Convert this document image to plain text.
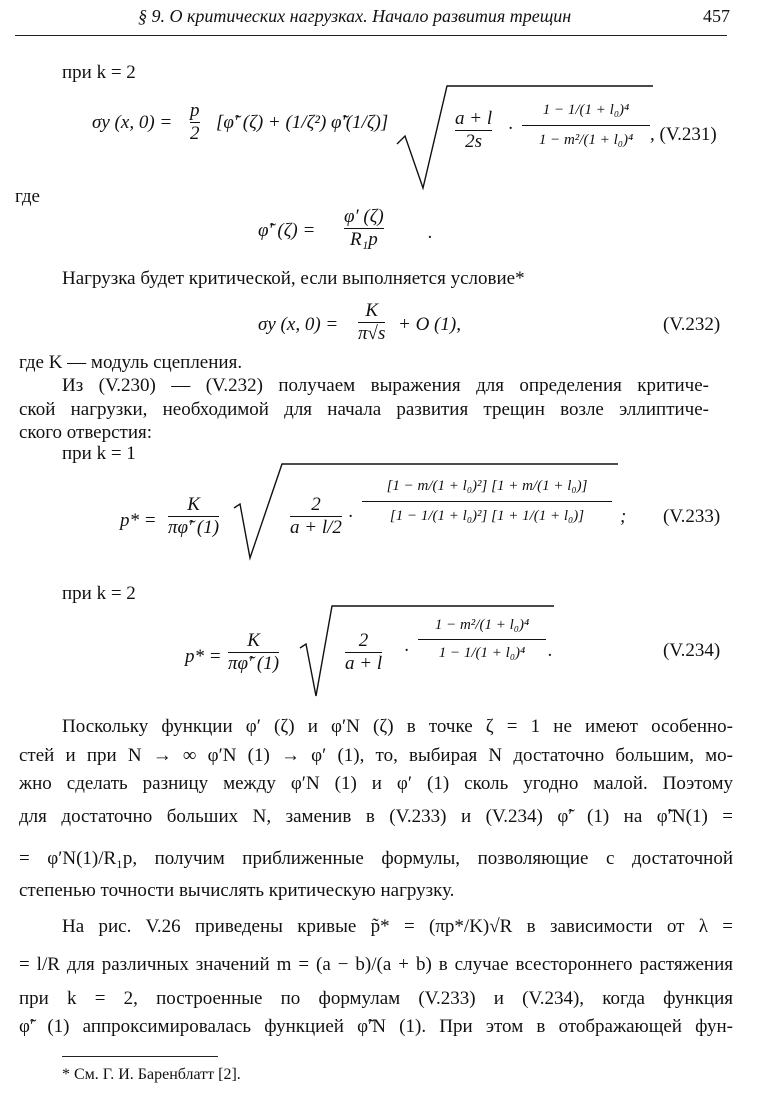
§ 9. О критических нагрузках. Начало развития трещин	457
при k = 2
σy (x, $0) = \frac{p}{2}$ [φ̃′ (ζ) + (1/ζ²) φ̃′(1/ζ)]	$\frac{a + l}{2s} \cdot \frac{\text{1 − 1/(1 + l₀)⁴}}{\text{1 − m²/(1 + l₀)⁴}}$ , (V.231)
где
φ̃′ $(\zeta) = \frac{\varphi' (\zeta)}{\text{R₁p}}$ .
Нагрузка будет критической, если выполняется условие*
σy (x, $0) = \frac{K}{\pi√s} + O$ (1),	(V.232)
где K — модуль сцепления.
Из (V.230) — (V.232) получаем выражения для определения критиче-
ской нагрузки, необходимой для начала развития трещин возле эллиптиче-
ского отверстия:
при k = 1
$p* = \frac{K}{\pi\varphĩ' (1)}$	$\frac{2}{a + l/2} \cdot \frac{\text{[1 − m/(1 + l₀)²] [1 + m/(1 + l₀)]}}{\text{[1 − 1/(1 + l₀)²] [1 + 1/(1 + l₀)]}}$ ; (V.233)
при k = 2
$p* = \frac{K}{\pi\varphĩ' (1)}$	$\frac{2}{a + l} \cdot \frac{\text{1 − m²/(1 + l₀)⁴}}{\text{1 − 1/(1 + l₀)⁴}}$ .	(V.234)
Поскольку функции φ′ (ζ) и φ′N (ζ) в точке ζ = 1 не имеют особенно-
стей и при N → ∞ φ′N (1) → φ′ (1), то, выбирая N достаточно большим, мо-
жно сделать разницу между φ′N (1) и φ′ (1) сколь угодно малой. Поэтому
для достаточно больших N, заменив в (V.233) и (V.234) φ̃′ (1) на φ̃′N(1) =
= φ′N(1)/R₁p, получим приближенные формулы, позволяющие с достаточной
степенью точности вычислять критическую нагрузку.
На рис. V.26 приведены кривые p̃* = (πp*/K)√R в зависимости от λ =
= l/R для различных значений m = (a − b)/(a + b) в случае всестороннего растяжения
при k = 2, построенные по формулам (V.233) и (V.234), когда функция
φ̃′ (1) аппроксимировалась функцией φ̃′N (1). При этом в отображающей фун-
* См. Г. И. Баренблатт [2].
